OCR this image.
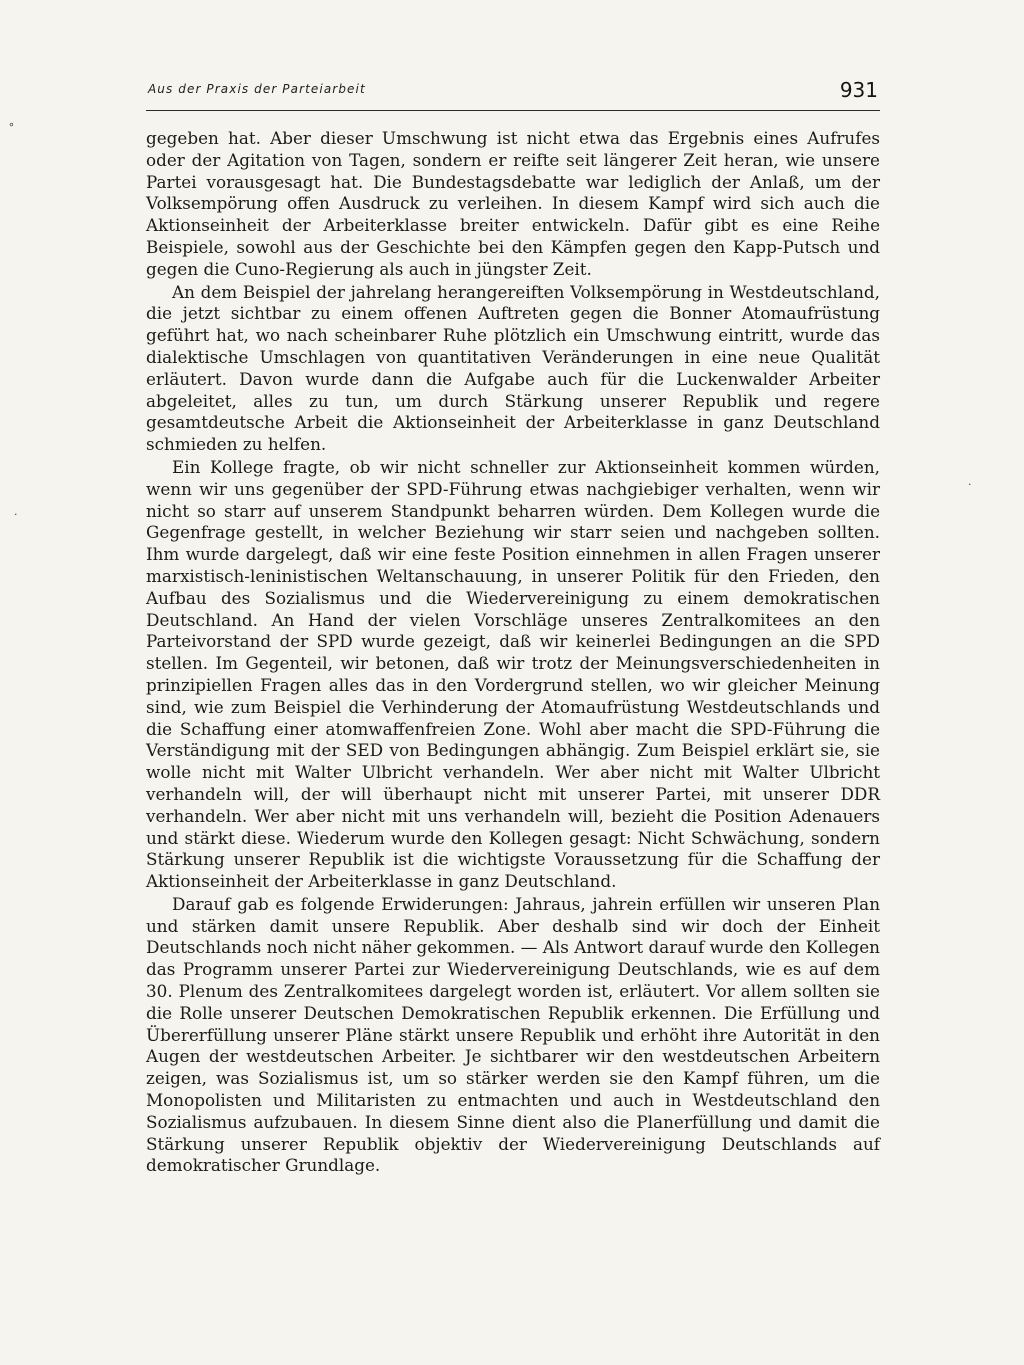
Aus der Praxis der Parteiarbeit	931

gegeben hat. Aber dieser Umschwung ist nicht etwa das Ergebnis eines Aufrufes oder der Agitation von Tagen, sondern er reifte seit längerer Zeit heran, wie unsere Partei vorausgesagt hat. Die Bundestagsdebatte war lediglich der Anlaß, um der Volksempörung offen Ausdruck zu verleihen. In diesem Kampf wird sich auch die Aktionseinheit der Arbeiterklasse breiter entwickeln. Dafür gibt es eine Reihe Beispiele, sowohl aus der Geschichte bei den Kämpfen gegen den Kapp-Putsch und gegen die Cuno-Regierung als auch in jüngster Zeit.

An dem Beispiel der jahrelang herangereiften Volksempörung in Westdeutschland, die jetzt sichtbar zu einem offenen Auftreten gegen die Bonner Atomaufrüstung geführt hat, wo nach scheinbarer Ruhe plötzlich ein Umschwung eintritt, wurde das dialektische Umschlagen von quantitativen Veränderungen in eine neue Qualität erläutert. Davon wurde dann die Aufgabe auch für die Luckenwalder Arbeiter abgeleitet, alles zu tun, um durch Stärkung unserer Republik und regere gesamtdeutsche Arbeit die Aktionseinheit der Arbeiterklasse in ganz Deutschland schmieden zu helfen.

Ein Kollege fragte, ob wir nicht schneller zur Aktionseinheit kommen würden, wenn wir uns gegenüber der SPD-Führung etwas nachgiebiger verhalten, wenn wir nicht so starr auf unserem Standpunkt beharren würden. Dem Kollegen wurde die Gegenfrage gestellt, in welcher Beziehung wir starr seien und nachgeben sollten. Ihm wurde dargelegt, daß wir eine feste Position einnehmen in allen Fragen unserer marxistisch-leninistischen Weltanschauung, in unserer Politik für den Frieden, den Aufbau des Sozialismus und die Wiedervereinigung zu einem demokratischen Deutschland. An Hand der vielen Vorschläge unseres Zentralkomitees an den Parteivorstand der SPD wurde gezeigt, daß wir keinerlei Bedingungen an die SPD stellen. Im Gegenteil, wir betonen, daß wir trotz der Meinungsverschiedenheiten in prinzipiellen Fragen alles das in den Vordergrund stellen, wo wir gleicher Meinung sind, wie zum Beispiel die Verhinderung der Atomaufrüstung Westdeutschlands und die Schaffung einer atomwaffenfreien Zone. Wohl aber macht die SPD-Führung die Verständigung mit der SED von Bedingungen abhängig. Zum Beispiel erklärt sie, sie wolle nicht mit Walter Ulbricht verhandeln. Wer aber nicht mit Walter Ulbricht verhandeln will, der will überhaupt nicht mit unserer Partei, mit unserer DDR verhandeln. Wer aber nicht mit uns verhandeln will, bezieht die Position Adenauers und stärkt diese. Wiederum wurde den Kollegen gesagt: Nicht Schwächung, sondern Stärkung unserer Republik ist die wichtigste Voraussetzung für die Schaffung der Aktionseinheit der Arbeiterklasse in ganz Deutschland.

Darauf gab es folgende Erwiderungen: Jahraus, jahrein erfüllen wir unseren Plan und stärken damit unsere Republik. Aber deshalb sind wir doch der Einheit Deutschlands noch nicht näher gekommen. — Als Antwort darauf wurde den Kollegen das Programm unserer Partei zur Wiedervereinigung Deutschlands, wie es auf dem 30. Plenum des Zentralkomitees dargelegt worden ist, erläutert. Vor allem sollten sie die Rolle unserer Deutschen Demokratischen Republik erkennen. Die Erfüllung und Übererfüllung unserer Pläne stärkt unsere Republik und erhöht ihre Autorität in den Augen der westdeutschen Arbeiter. Je sichtbarer wir den westdeutschen Arbeitern zeigen, was Sozialismus ist, um so stärker werden sie den Kampf führen, um die Monopolisten und Militaristen zu entmachten und auch in Westdeutschland den Sozialismus aufzubauen. In diesem Sinne dient also die Planerfüllung und damit die Stärkung unserer Republik objektiv der Wiedervereinigung Deutschlands auf demokratischer Grundlage.

∘
·
·
